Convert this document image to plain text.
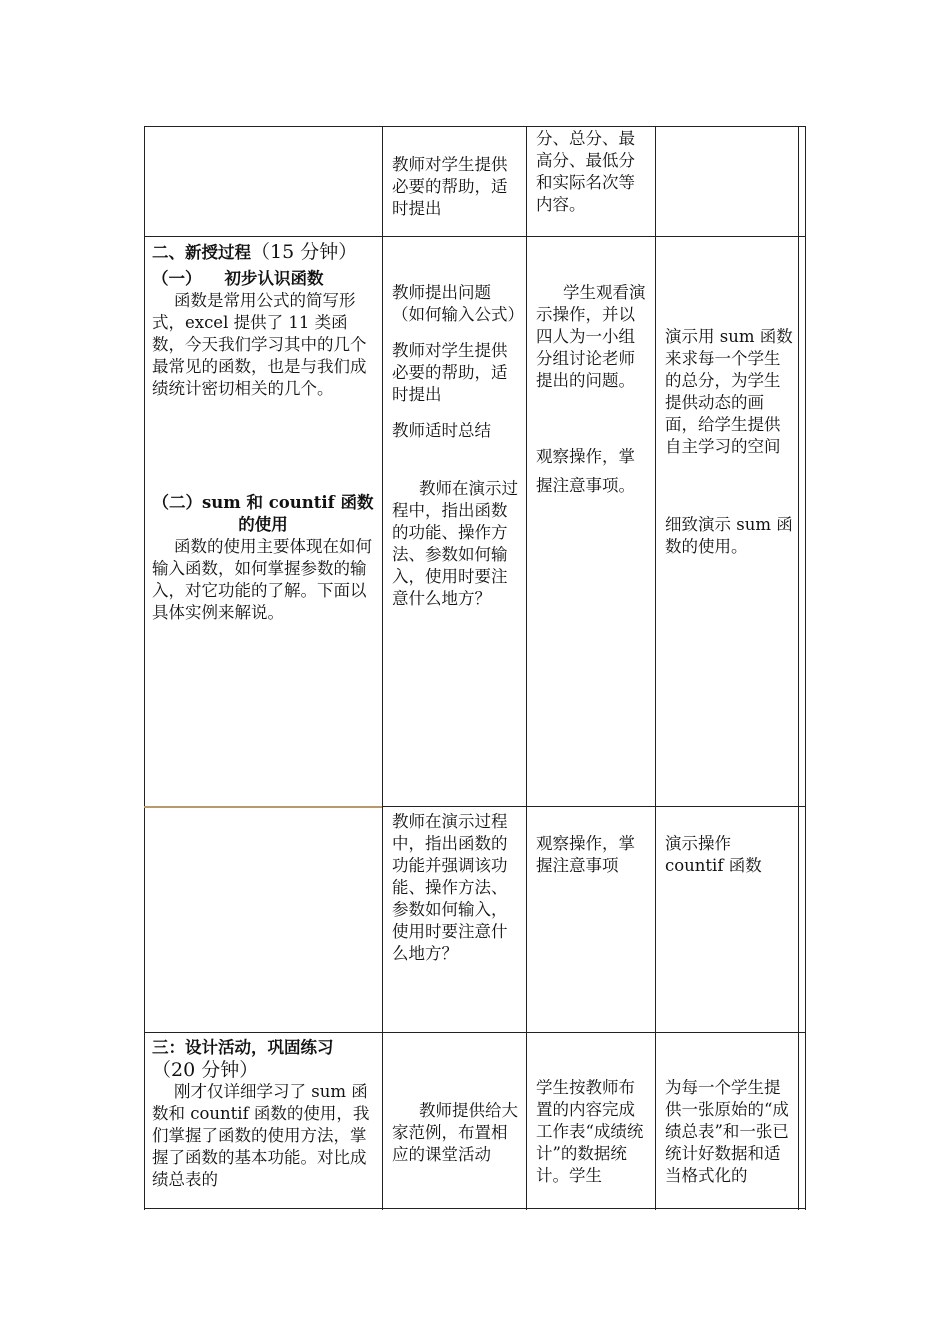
教师对学生提供必要的帮助，适时提出

分、总分、最高分、最低分和实际名次等内容。

二、新授过程（15 分钟）

（一）    初步认识函数

函数是常用公式的简写形式，excel 提供了 11 类函数，今天我们学习其中的几个最常见的函数，也是与我们成绩统计密切相关的几个。

（二）sum 和 countif 函数的使用

函数的使用主要体现在如何输入函数，如何掌握参数的输入，对它功能的了解。下面以具体实例来解说。

教师提出问题（如何输入公式）

教师对学生提供必要的帮助，适时提出

教师适时总结

教师在演示过程中，指出函数的功能、操作方法、参数如何输入，使用时要注意什么地方？

学生观看演示操作，并以四人为一小组分组讨论老师提出的问题。

观察操作，掌握注意事项。

演示用 sum 函数来求每一个学生的总分，为学生提供动态的画面，给学生提供自主学习的空间

细致演示 sum 函数的使用。

教师在演示过程中，指出函数的功能并强调该功能、操作方法、参数如何输入，使用时要注意什么地方？

观察操作，掌握注意事项

演示操作 countif 函数

三：设计活动，巩固练习

（20 分钟）

刚才仅详细学习了 sum 函数和 countif 函数的使用，我们掌握了函数的使用方法，掌握了函数的基本功能。对比成绩总表的

教师提供给大家范例，布置相应的课堂活动

学生按教师布置的内容完成工作表“成绩统计”的数据统计。学生

为每一个学生提供一张原始的“成绩总表”和一张已统计好数据和适当格式化的
